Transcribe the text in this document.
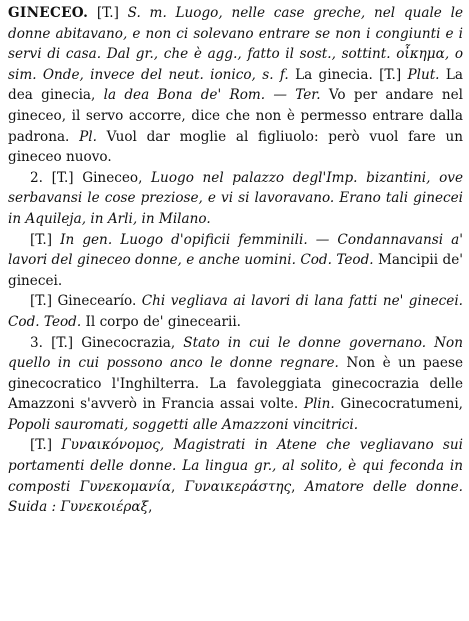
GINECEO. [T.] S. m. Luogo, nelle case greche, nel quale le donne abitavano, e non ci solevano entrare se non i congiunti e i servi di casa. Dal gr., che è agg., fatto il sost., sottint. οἶκημα, o sim. Onde, invece del neut. ionico, s. f. La ginecia. [T.] Plut. La dea ginecia, la dea Bona de' Rom. — Ter. Vo per andare nel gineceo, il servo accorre, dice che non è permesso entrare dalla padrona. Pl. Vuol dar moglie al figliuolo: però vuol fare un gineceo nuovo.

2. [T.] Gineceo, Luogo nel palazzo degl'Imp. bizantini, ove serbavansi le cose preziose, e vi si lavoravano. Erano tali ginecei in Aquileja, in Arli, in Milano.

[T.] In gen. Luogo d'opificii femminili. — Condannavansi a' lavori del gineceo donne, e anche uomini. Cod. Teod. Mancipii de' ginecei.

[T.] Ginecearío. Chi vegliava ai lavori di lana fatti ne' ginecei. Cod. Teod. Il corpo de' ginecearii.

3. [T.] Ginecocrazia, Stato in cui le donne governano. Non quello in cui possono anco le donne regnare. Non è un paese ginecocratico l'Inghilterra. La favoleggiata ginecocrazia delle Amazzoni s'avverò in Francia assai volte. Plin. Ginecocratumeni, Popoli sauromati, soggetti alle Amazzoni vincitrici.

[T.] Γυναικόνομος, Magistrati in Atene che vegliavano sui portamenti delle donne. La lingua gr., al solito, è qui feconda in composti Γυνεκομανία, Γυναικεράστης, Amatore delle donne. Suida : Γυνεκοιέραξ,
